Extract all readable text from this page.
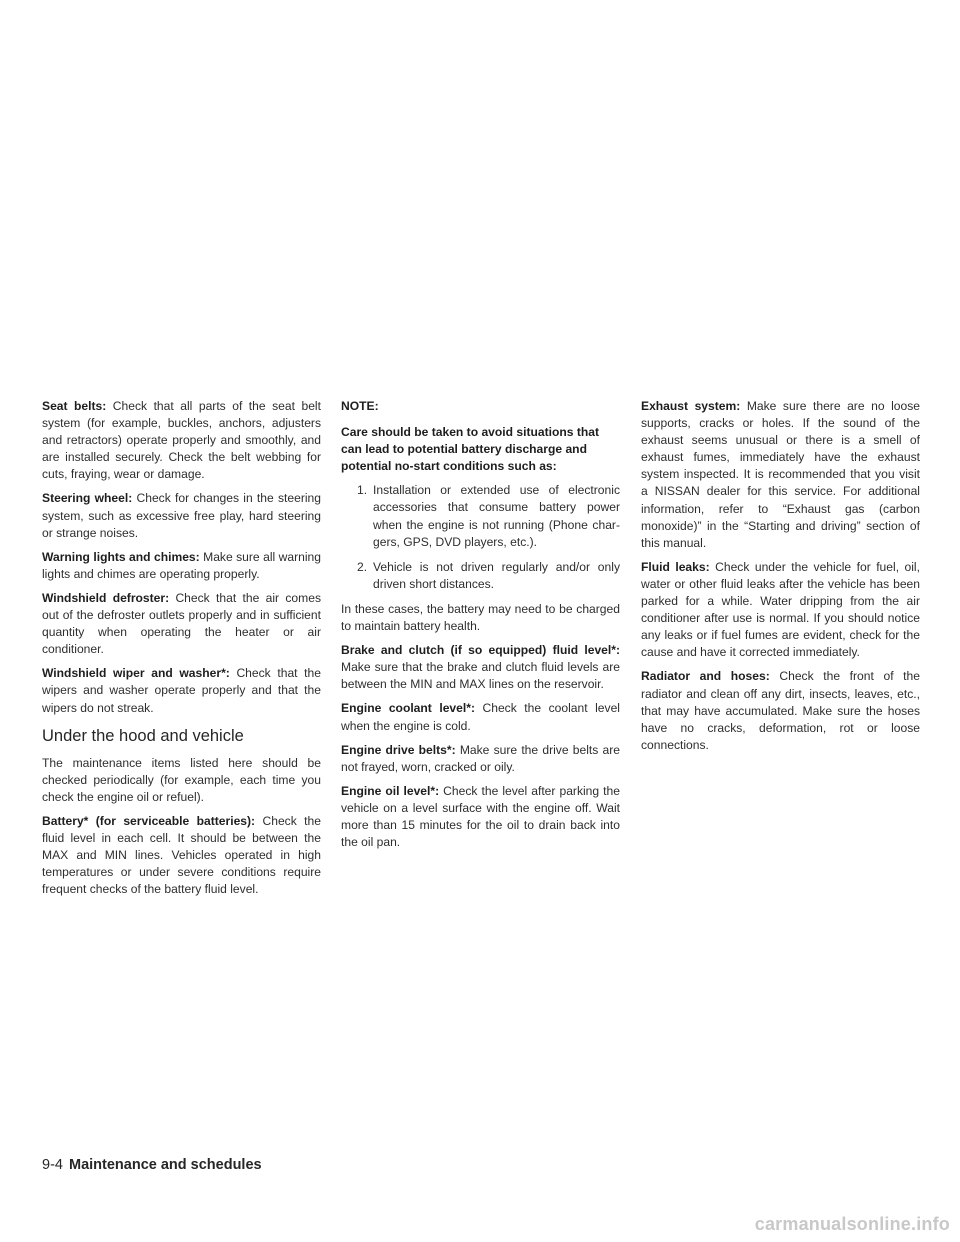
Seat belts: Check that all parts of the seat belt system (for example, buckles, anchors, adjusters and retractors) operate properly and smoothly, and are installed securely. Check the belt webbing for cuts, fraying, wear or damage.

Steering wheel: Check for changes in the steering system, such as excessive free play, hard steering or strange noises.

Warning lights and chimes: Make sure all warning lights and chimes are operating properly.

Windshield defroster: Check that the air comes out of the defroster outlets properly and in sufficient quantity when operating the heater or air conditioner.

Windshield wiper and washer*: Check that the wipers and washer operate properly and that the wipers do not streak.

Under the hood and vehicle

The maintenance items listed here should be checked periodically (for example, each time you check the engine oil or refuel).

Battery* (for serviceable batteries): Check the fluid level in each cell. It should be between the MAX and MIN lines. Vehicles operated in high temperatures or under severe conditions require frequent checks of the battery fluid level.

NOTE:
Care should be taken to avoid situations that can lead to potential battery discharge and potential no-start conditions such as:
1. Installation or extended use of electronic accessories that consume battery power when the engine is not running (Phone chargers, GPS, DVD players, etc.).
2. Vehicle is not driven regularly and/or only driven short distances.

In these cases, the battery may need to be charged to maintain battery health.

Brake and clutch (if so equipped) fluid level*: Make sure that the brake and clutch fluid levels are between the MIN and MAX lines on the reservoir.

Engine coolant level*: Check the coolant level when the engine is cold.

Engine drive belts*: Make sure the drive belts are not frayed, worn, cracked or oily.

Engine oil level*: Check the level after parking the vehicle on a level surface with the engine off. Wait more than 15 minutes for the oil to drain back into the oil pan.

Exhaust system: Make sure there are no loose supports, cracks or holes. If the sound of the exhaust seems unusual or there is a smell of exhaust fumes, immediately have the exhaust system inspected. It is recommended that you visit a NISSAN dealer for this service. For additional information, refer to “Exhaust gas (carbon monoxide)” in the “Starting and driving” section of this manual.

Fluid leaks: Check under the vehicle for fuel, oil, water or other fluid leaks after the vehicle has been parked for a while. Water dripping from the air conditioner after use is normal. If you should notice any leaks or if fuel fumes are evident, check for the cause and have it corrected immediately.

Radiator and hoses: Check the front of the radiator and clean off any dirt, insects, leaves, etc., that may have accumulated. Make sure the hoses have no cracks, deformation, rot or loose connections.

9-4 Maintenance and schedules
carmanualsonline.info
